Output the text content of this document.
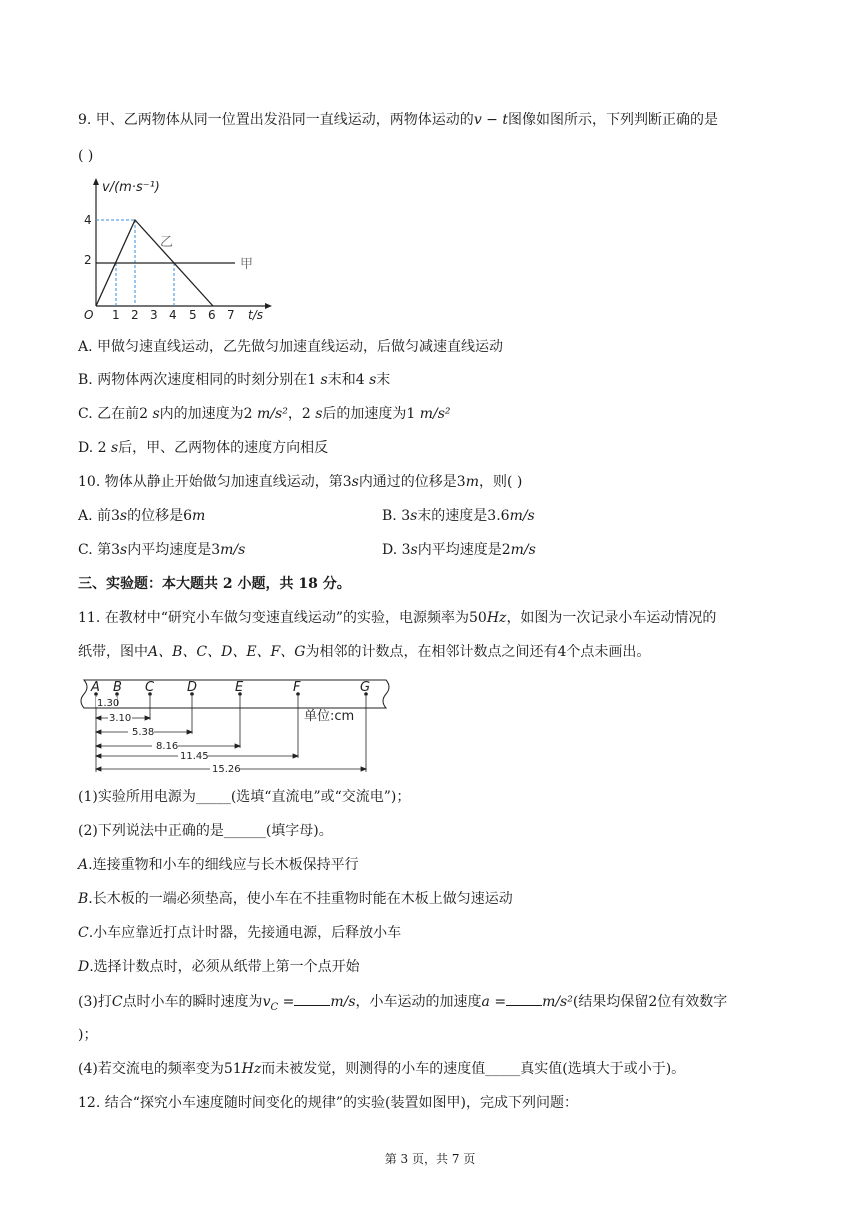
9. 甲、乙两物体从同一位置出发沿同一直线运动，两物体运动的v − t图像如图所示，下列判断正确的是
( )
v/(m·s⁻¹)
t/s
O
4
2
1 2 3 4 5 6 7
甲
乙
A. 甲做匀速直线运动，乙先做匀加速直线运动，后做匀减速直线运动
B. 两物体两次速度相同的时刻分别在1 s末和4 s末
C. 乙在前2 s内的加速度为2 m/s²，2 s后的加速度为1 m/s²
D. 2 s后，甲、乙两物体的速度方向相反
10. 物体从静止开始做匀加速直线运动，第3s内通过的位移是3m，则( )
A. 前3s的位移是6m	B. 3s末的速度是3.6m/s
C. 第3s内平均速度是3m/s	D. 3s内平均速度是2m/s
三、实验题：本大题共 2 小题，共 18 分。
11. 在教材中“研究小车做匀变速直线运动”的实验，电源频率为50Hz，如图为一次记录小车运动情况的
纸带，图中A、B、C、D、E、F、G为相邻的计数点，在相邻计数点之间还有4个点未画出。
A B C	D	E	F	G
单位:cm
1.30
3.10
5.38
8.16
11.45
15.26
(1)实验所用电源为_____(选填“直流电”或“交流电”)；
(2)下列说法中正确的是______(填字母)。
A.连接重物和小车的细线应与长木板保持平行
B.长木板的一端必须垫高，使小车在不挂重物时能在木板上做匀速运动
C.小车应靠近打点计时器，先接通电源，后释放小车
D.选择计数点时，必须从纸带上第一个点开始
(3)打C点时小车的瞬时速度为$v_C$ =	m/s，小车运动的加速度a =	m/s²(结果均保留2位有效数字
)；
(4)若交流电的频率变为51Hz而未被发觉，则测得的小车的速度值_____真实值(选填大于或小于)。
12. 结合“探究小车速度随时间变化的规律”的实验(装置如图甲)，完成下列问题：
第 3 页，共 7 页
